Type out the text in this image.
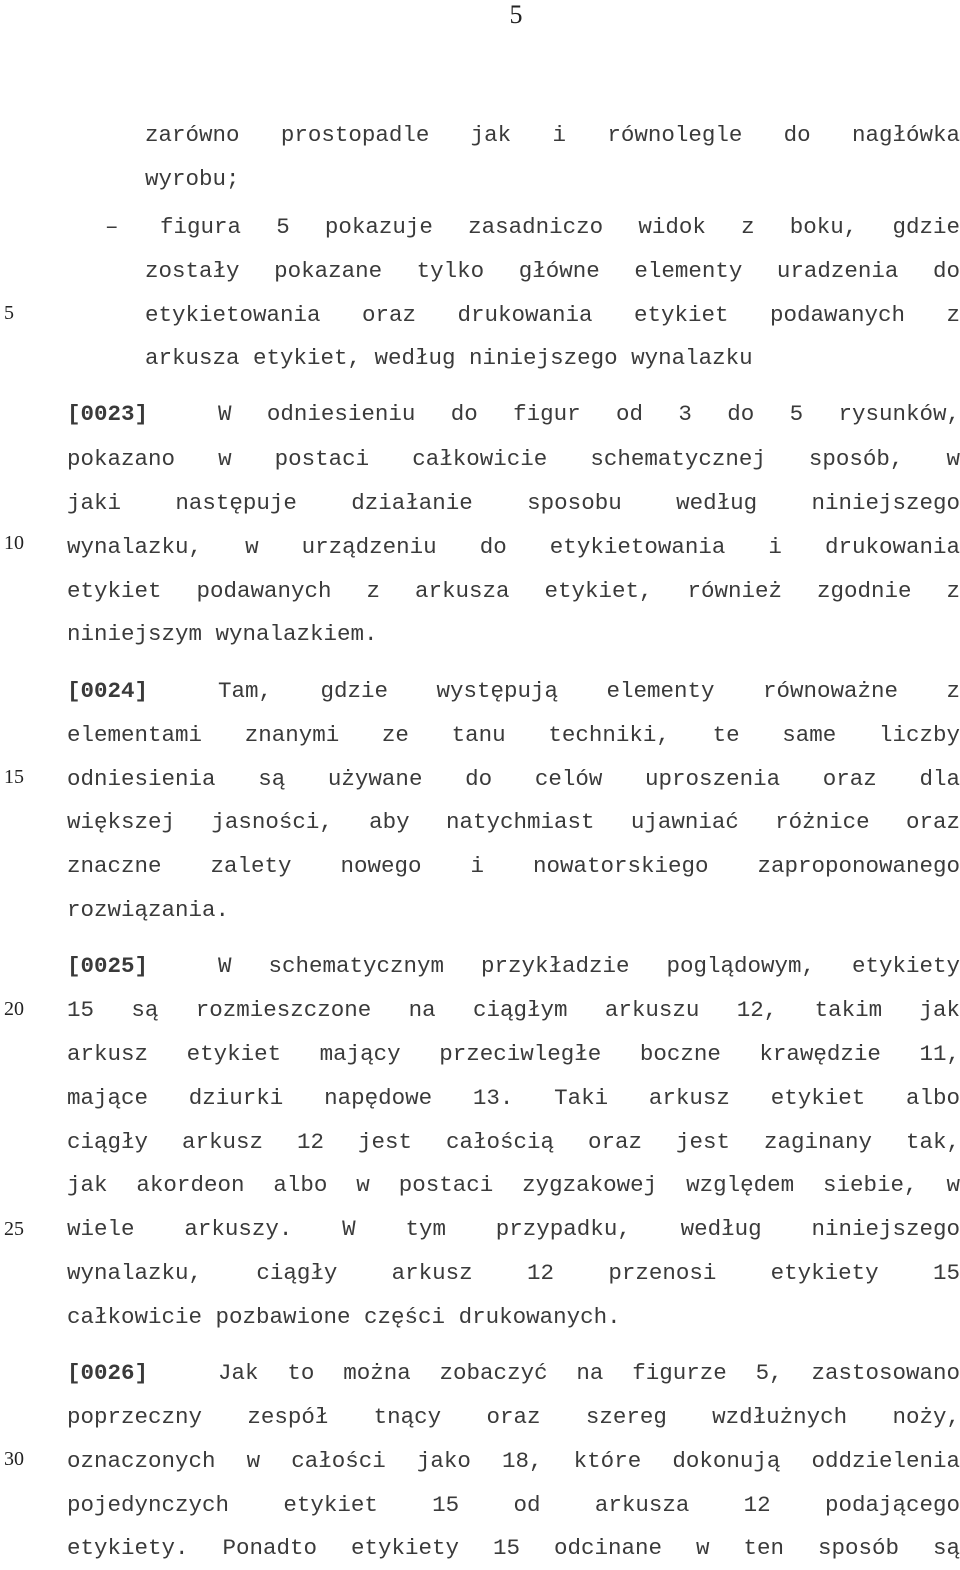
5
5
10
15
20
25
30
zarówno prostopadle jak i równolegle do nagłówka
wyrobu;
– figura 5 pokazuje zasadniczo widok z boku, gdzie
zostały pokazane tylko główne elementy uradzenia do
etykietowania oraz drukowania etykiet podawanych z
arkusza etykiet, według niniejszego wynalazku
[0023]	W odniesieniu do figur od 3 do 5 rysunków,
pokazano w postaci całkowicie schematycznej sposób, w
jaki następuje działanie sposobu według niniejszego
wynalazku, w urządzeniu do etykietowania i drukowania
etykiet podawanych z arkusza etykiet, również zgodnie z
niniejszym wynalazkiem.
[0024]	Tam, gdzie występują elementy równoważne z
elementami znanymi ze tanu techniki, te same liczby
odniesienia są używane do celów uproszenia oraz dla
większej jasności, aby natychmiast ujawniać różnice oraz
znaczne zalety nowego i nowatorskiego zaproponowanego
rozwiązania.
[0025]	W schematycznym przykładzie poglądowym, etykiety
15 są rozmieszczone na ciągłym arkuszu 12, takim jak
arkusz etykiet mający przeciwległe boczne krawędzie 11,
mające dziurki napędowe 13. Taki arkusz etykiet albo
ciągły arkusz 12 jest całością oraz jest zaginany tak,
jak akordeon albo w postaci zygzakowej względem siebie, w
wiele arkuszy. W tym przypadku, według niniejszego
wynalazku, ciągły arkusz 12 przenosi etykiety 15
całkowicie pozbawione części drukowanych.
[0026]	Jak to można zobaczyć na figurze 5, zastosowano
poprzeczny zespół tnący oraz szereg wzdłużnych noży,
oznaczonych w całości jako 18, które dokonują oddzielenia
pojedynczych etykiet 15 od arkusza 12 podającego
etykiety. Ponadto etykiety 15 odcinane w ten sposób są
